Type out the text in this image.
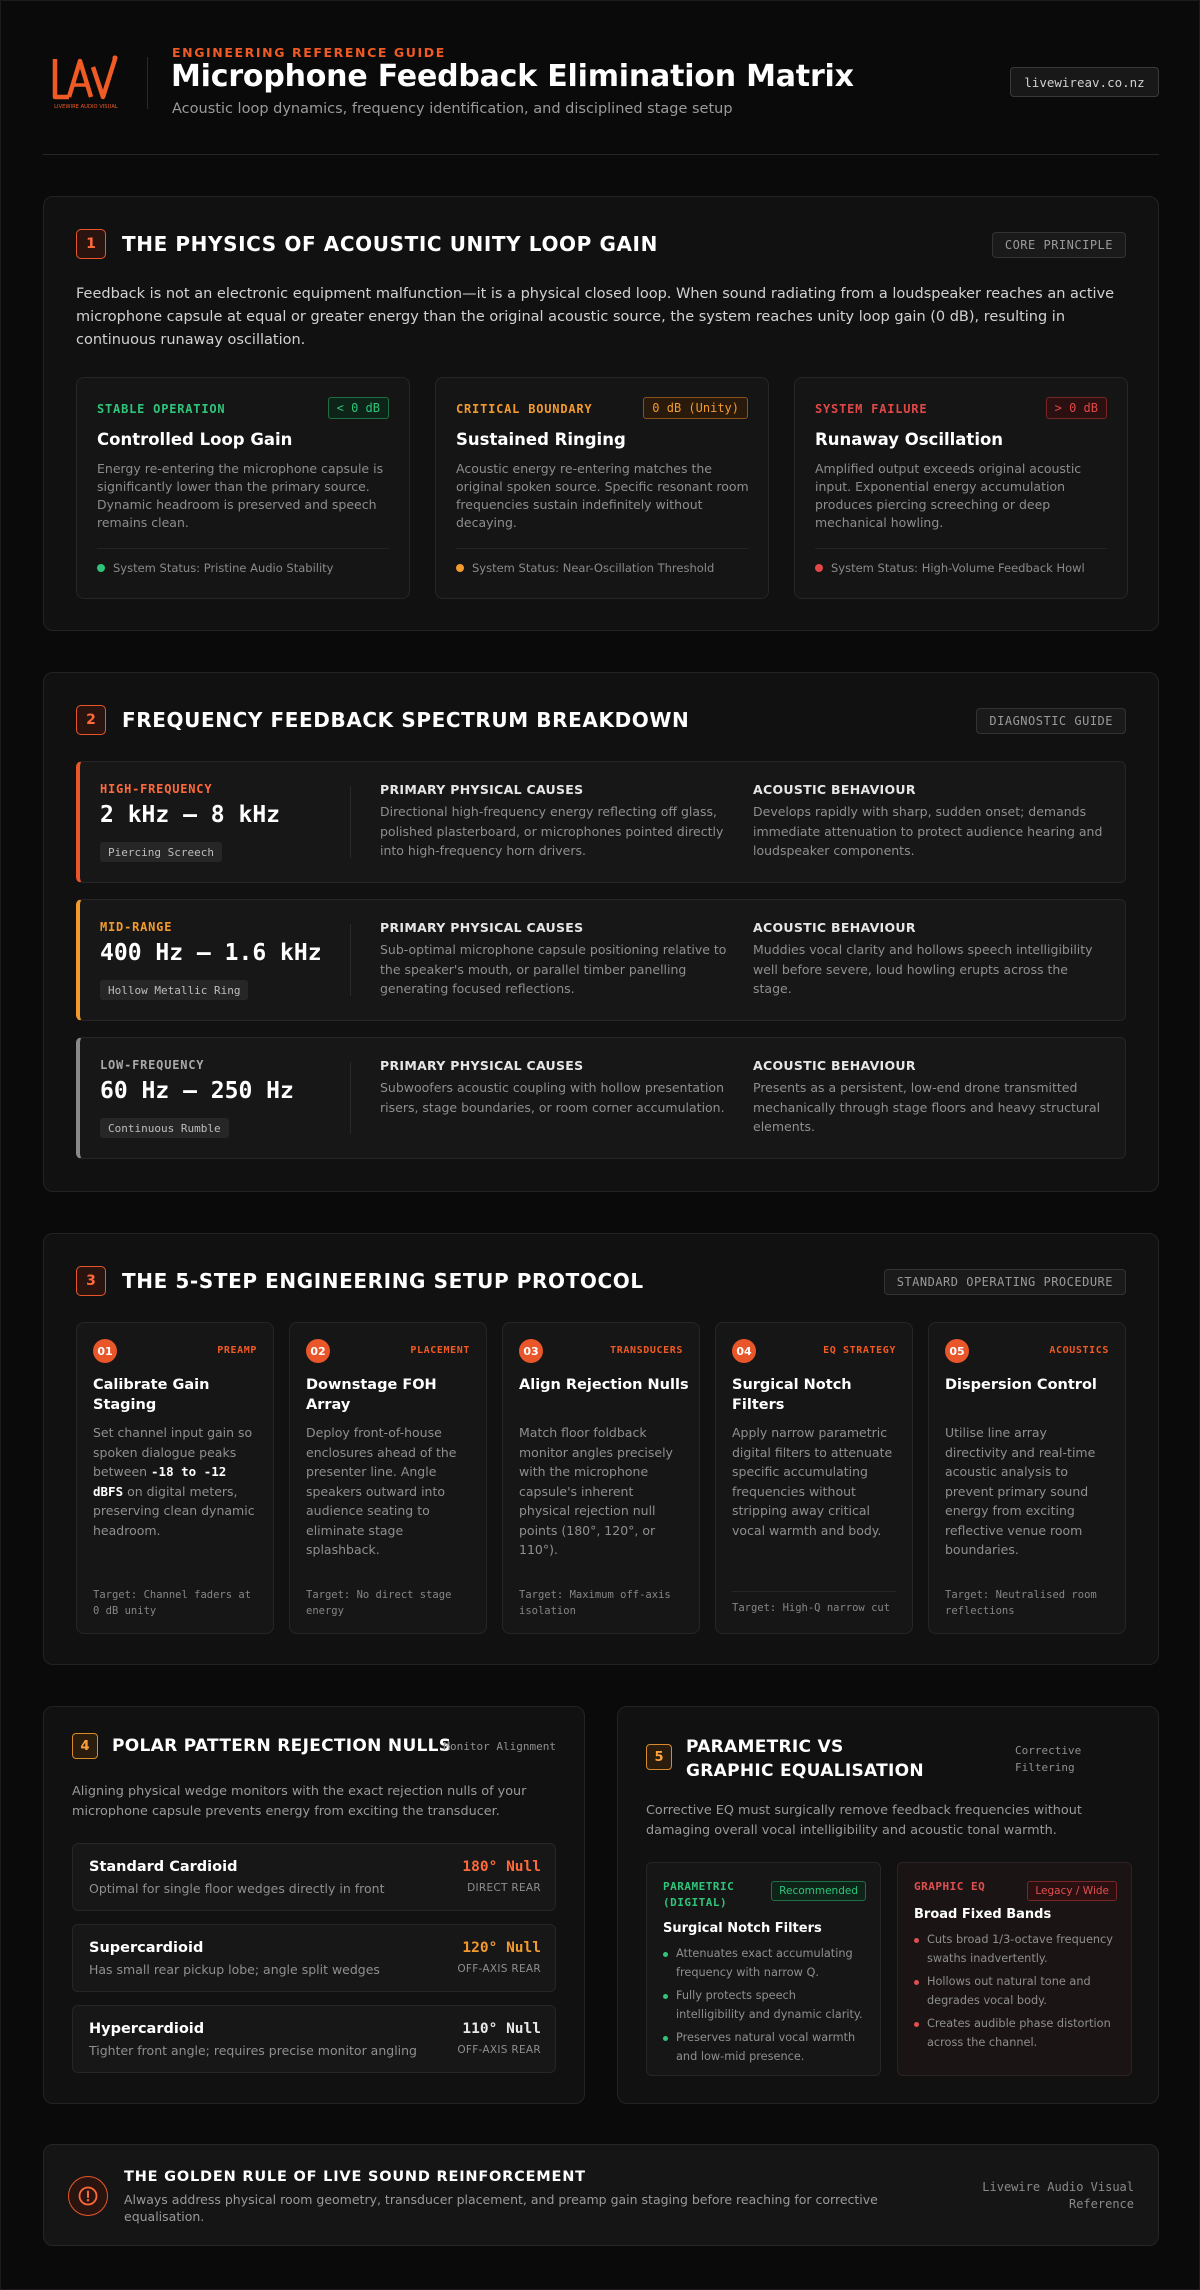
LIVEWIRE AUDIO VISUAL
ENGINEERING REFERENCE GUIDE
Microphone Feedback Elimination Matrix
Acoustic loop dynamics, frequency identification, and disciplined stage setup
livewireav.co.nz
1	THE PHYSICS OF ACOUSTIC UNITY LOOP GAIN	CORE PRINCIPLE
Feedback is not an electronic equipment malfunction—it is a physical closed loop. When sound radiating from a loudspeaker reaches an active microphone capsule at equal or greater energy than the original acoustic source, the system reaches unity loop gain (0 dB), resulting in continuous runaway oscillation.
STABLE OPERATION	< 0 dB
Controlled Loop Gain
Energy re-entering the microphone capsule is significantly lower than the primary source. Dynamic headroom is preserved and speech remains clean.
System Status: Pristine Audio Stability
CRITICAL BOUNDARY	0 dB (Unity)
Sustained Ringing
Acoustic energy re-entering matches the original spoken source. Specific resonant room frequencies sustain indefinitely without decaying.
System Status: Near-Oscillation Threshold
SYSTEM FAILURE	> 0 dB
Runaway Oscillation
Amplified output exceeds original acoustic input. Exponential energy accumulation produces piercing screeching or deep mechanical howling.
System Status: High-Volume Feedback Howl
2	FREQUENCY FEEDBACK SPECTRUM BREAKDOWN	DIAGNOSTIC GUIDE
HIGH-FREQUENCY
2 kHz – 8 kHz
Piercing Screech
PRIMARY PHYSICAL CAUSES
Directional high-frequency energy reflecting off glass, polished plasterboard, or microphones pointed directly into high-frequency horn drivers.
ACOUSTIC BEHAVIOUR
Develops rapidly with sharp, sudden onset; demands immediate attenuation to protect audience hearing and loudspeaker components.
MID-RANGE
400 Hz – 1.6 kHz
Hollow Metallic Ring
PRIMARY PHYSICAL CAUSES
Sub-optimal microphone capsule positioning relative to the speaker's mouth, or parallel timber panelling generating focused reflections.
ACOUSTIC BEHAVIOUR
Muddies vocal clarity and hollows speech intelligibility well before severe, loud howling erupts across the stage.
LOW-FREQUENCY
60 Hz – 250 Hz
Continuous Rumble
PRIMARY PHYSICAL CAUSES
Subwoofers acoustic coupling with hollow presentation risers, stage boundaries, or room corner accumulation.
ACOUSTIC BEHAVIOUR
Presents as a persistent, low-end drone transmitted mechanically through stage floors and heavy structural elements.
3	THE 5-STEP ENGINEERING SETUP PROTOCOL	STANDARD OPERATING PROCEDURE
01	PREAMP
Calibrate Gain Staging
Set channel input gain so spoken dialogue peaks between -18 to -12 dBFS on digital meters, preserving clean dynamic headroom.
Target: Channel faders at 0 dB unity
02	PLACEMENT
Downstage FOH Array
Deploy front-of-house enclosures ahead of the presenter line. Angle speakers outward into audience seating to eliminate stage splashback.
Target: No direct stage energy
03	TRANSDUCERS
Align Rejection Nulls
Match floor foldback monitor angles precisely with the microphone capsule's inherent physical rejection null points (180°, 120°, or 110°).
Target: Maximum off-axis isolation
04	EQ STRATEGY
Surgical Notch Filters
Apply narrow parametric digital filters to attenuate specific accumulating frequencies without stripping away critical vocal warmth and body.
Target: High-Q narrow cut
05	ACOUSTICS
Dispersion Control
Utilise line array directivity and real-time acoustic analysis to prevent primary sound energy from exciting reflective venue room boundaries.
Target: Neutralised room reflections
4	POLAR PATTERN REJECTION NULLS
Monitor Alignment
Aligning physical wedge monitors with the exact rejection nulls of your microphone capsule prevents energy from exciting the transducer.
Standard Cardioid
Optimal for single floor wedges directly in front
180° Null
DIRECT REAR
Supercardioid
Has small rear pickup lobe; angle split wedges
120° Null
OFF-AXIS REAR
Hypercardioid
Tighter front angle; requires precise monitor angling
110° Null
OFF-AXIS REAR
5	PARAMETRIC VS GRAPHIC EQUALISATION
Corrective Filtering
Corrective EQ must surgically remove feedback frequencies without damaging overall vocal intelligibility and acoustic tonal warmth.
PARAMETRIC (DIGITAL)
Recommended
Surgical Notch Filters
Attenuates exact accumulating frequency with narrow Q.
Fully protects speech intelligibility and dynamic clarity.
Preserves natural vocal warmth and low-mid presence.
GRAPHIC EQ	Legacy / Wide
Broad Fixed Bands
Cuts broad 1/3-octave frequency swaths inadvertently.
Hollows out natural tone and degrades vocal body.
Creates audible phase distortion across the channel.
THE GOLDEN RULE OF LIVE SOUND REINFORCEMENT
Always address physical room geometry, transducer placement, and preamp gain staging before reaching for corrective equalisation.
Livewire Audio Visual Reference
